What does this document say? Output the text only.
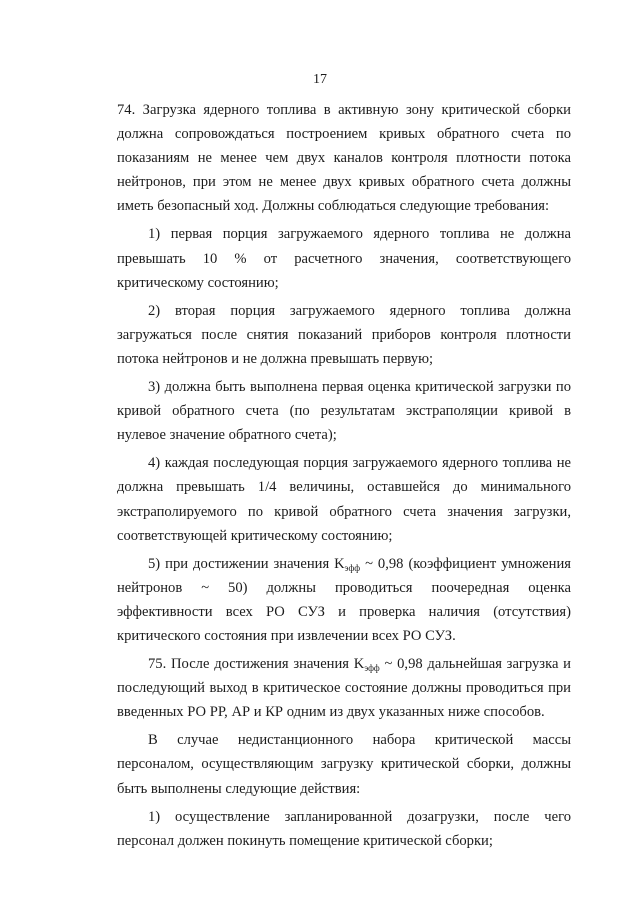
17

74. Загрузка ядерного топлива в активную зону критической сборки должна сопровождаться построением кривых обратного счета по показаниям не менее чем двух каналов контроля плотности потока нейтронов, при этом не менее двух кривых обратного счета должны иметь безопасный ход. Должны соблюдаться следующие требования:

1) первая порция загружаемого ядерного топлива не должна превышать 10 % от расчетного значения, соответствующего критическому состоянию;

2) вторая порция загружаемого ядерного топлива должна загружаться после снятия показаний приборов контроля плотности потока нейтронов и не должна превышать первую;

3) должна быть выполнена первая оценка критической загрузки по кривой обратного счета (по результатам экстраполяции кривой в нулевое значение обратного счета);

4) каждая последующая порция загружаемого ядерного топлива не должна превышать 1/4 величины, оставшейся до минимального экстраполируемого по кривой обратного счета значения загрузки, соответствующей критическому состоянию;

5) при достижении значения $K_{эфф}$ ~ 0,98 (коэффициент умножения нейтронов ~ 50) должны проводиться поочередная оценка эффективности всех РО СУЗ и проверка наличия (отсутствия) критического состояния при извлечении всех РО СУЗ.

75. После достижения значения $K_{эфф}$ ~ 0,98 дальнейшая загрузка и последующий выход в критическое состояние должны проводиться при введенных РО РР, АР и КР одним из двух указанных ниже способов.

В случае недистанционного набора критической массы персоналом, осуществляющим загрузку критической сборки, должны быть выполнены следующие действия:

1) осуществление запланированной дозагрузки, после чего персонал должен покинуть помещение критической сборки;
